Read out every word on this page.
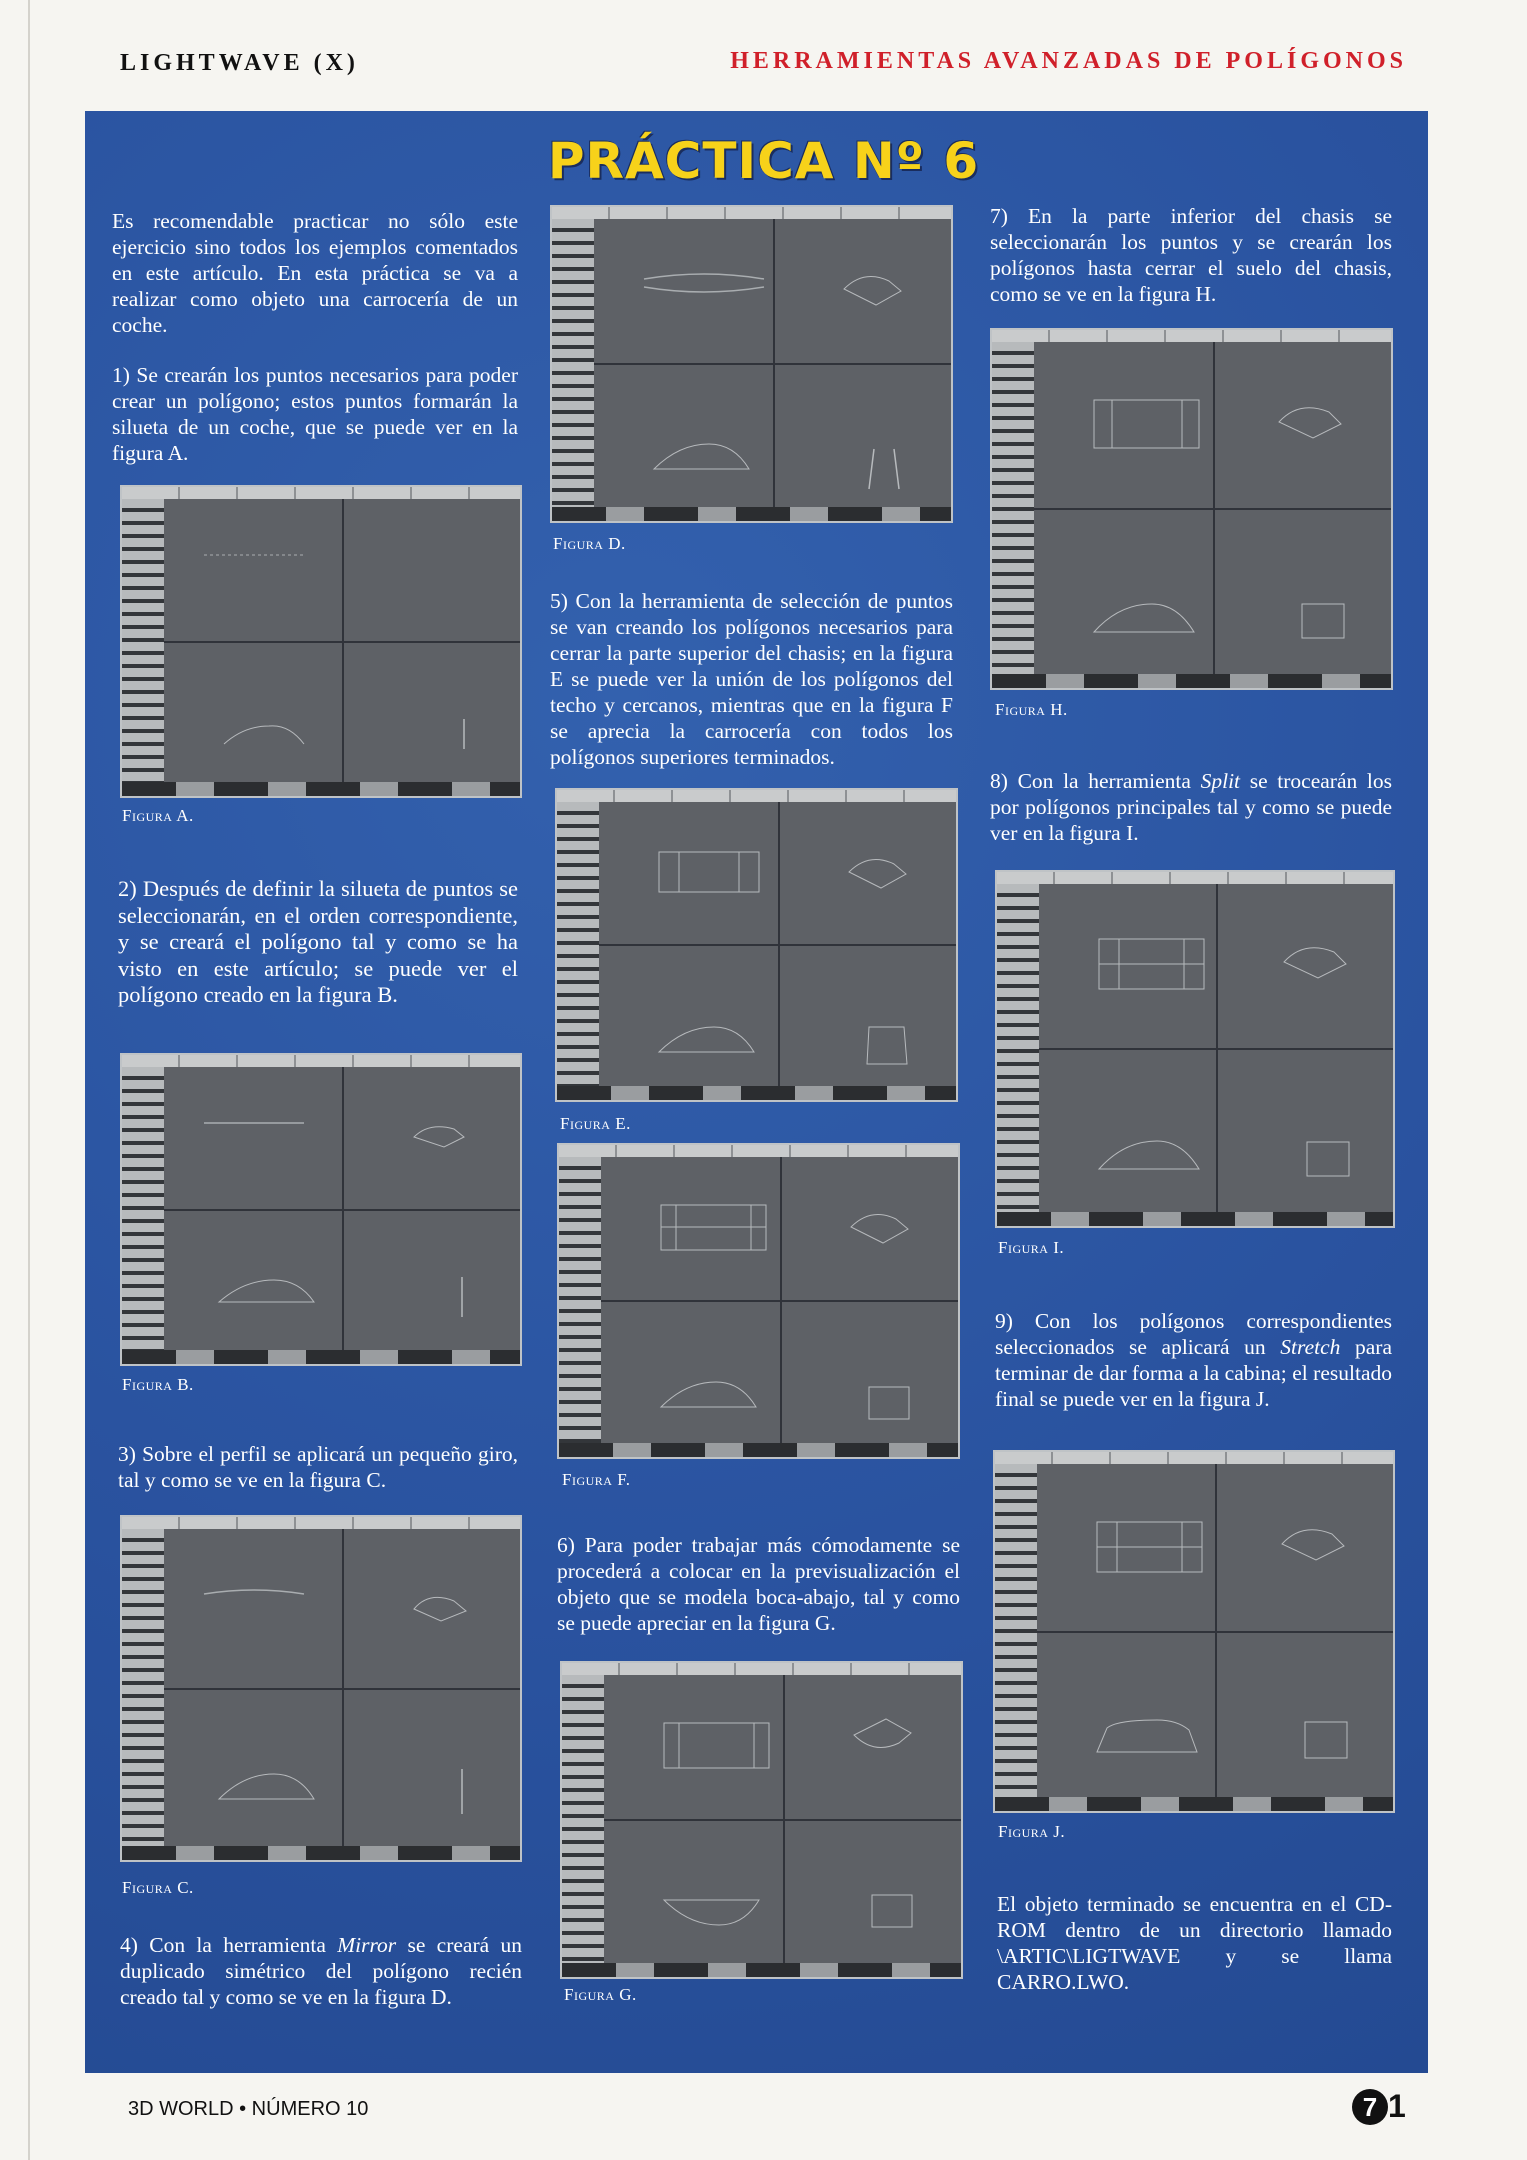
LIGHTWAVE (X)	HERRAMIENTAS AVANZADAS DE POLÍGONOS
PRÁCTICA Nº 6

Es recomendable practicar no sólo este ejercicio sino todos los ejemplos comentados en este artículo. En esta práctica se va a realizar como objeto una carrocería de un coche.

1) Se crearán los puntos necesarios para poder crear un polígono; estos puntos formarán la silueta de un coche, que se puede ver en la figura A.

Figura A.

2) Después de definir la silueta de puntos se seleccionarán, en el orden correspondiente, y se creará el polígono tal y como se ha visto en este artículo; se puede ver el polígono creado en la figura B.

Figura B.

3) Sobre el perfil se aplicará un pequeño giro, tal y como se ve en la figura C.

Figura C.

4) Con la herramienta Mirror se creará un duplicado simétrico del polígono recién creado tal y como se ve en la figura D.

Figura D.

5) Con la herramienta de selección de puntos se van creando los polígonos necesarios para cerrar la parte superior del chasis; en la figura E se puede ver la unión de los polígonos del techo y cercanos, mientras que en la figura F se aprecia la carrocería con todos los polígonos superiores terminados.

Figura E.
Figura F.

6) Para poder trabajar más cómodamente se procederá a colocar en la previsualización el objeto que se modela boca-abajo, tal y como se puede apreciar en la figura G.

Figura G.

7) En la parte inferior del chasis se seleccionarán los puntos y se crearán los polígonos hasta cerrar el suelo del chasis, como se ve en la figura H.

Figura H.

8) Con la herramienta Split se trocearán los por polígonos principales tal y como se puede ver en la figura I.

Figura I.

9) Con los polígonos correspondientes seleccionados se aplicará un Stretch para terminar de dar forma a la cabina; el resultado final se puede ver en la figura J.

Figura J.

El objeto terminado se encuentra en el CD-ROM dentro de un directorio llamado \ARTIC\LIGTWAVE y se llama CARRO.LWO.

3D WORLD • NÚMERO 10	7 1
